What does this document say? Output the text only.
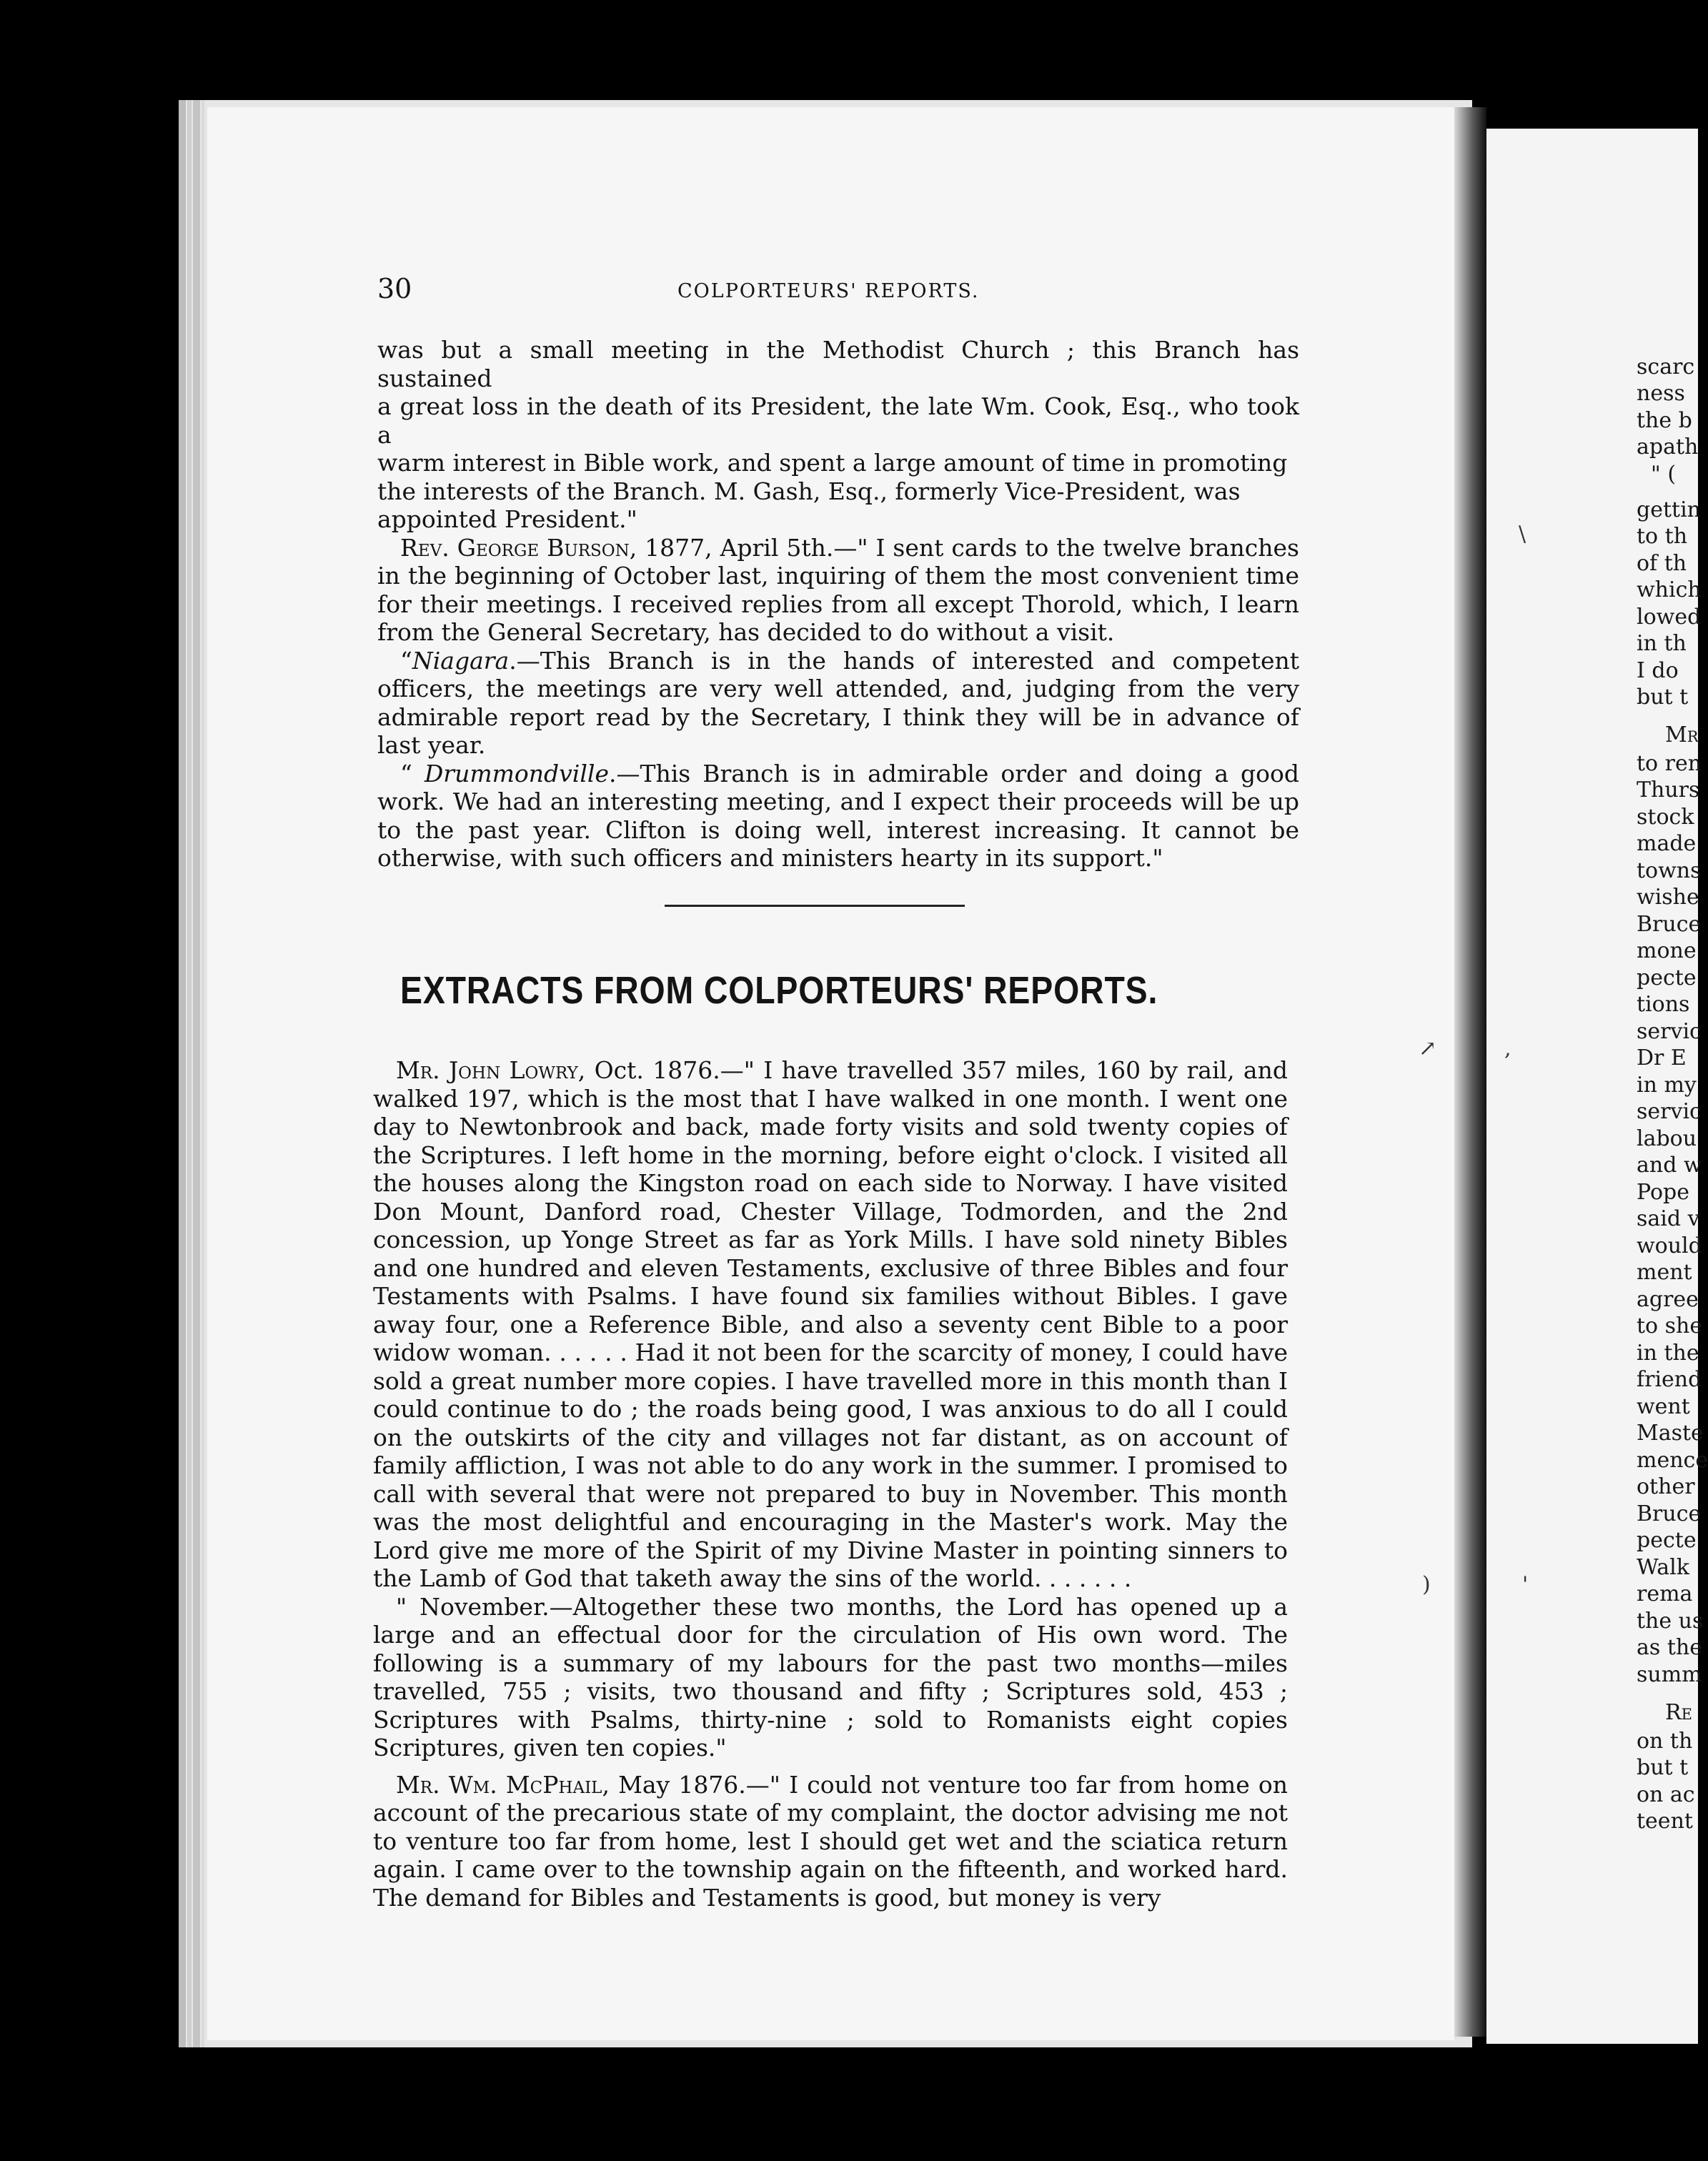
30	COLPORTEURS' REPORTS.

was but a small meeting in the Methodist Church ; this Branch has sustained

a great loss in the death of its President, the late Wm. Cook, Esq., who took a

warm interest in Bible work, and spent a large amount of time in promoting

the interests of the Branch. M. Gash, Esq., formerly Vice-President, was

appointed President."

Rev. George Burson, 1877, April 5th.—" I sent cards to the twelve branches in the beginning of October last, inquiring of them the most convenient time for their meetings. I received replies from all except Thorold, which, I learn from the General Secretary, has decided to do without a visit.

“Niagara.—This Branch is in the hands of interested and competent officers, the meetings are very well attended, and, judging from the very admirable report read by the Secretary, I think they will be in advance of last year.

“ Drummondville.—This Branch is in admirable order and doing a good work. We had an interesting meeting, and I expect their proceeds will be up to the past year. Clifton is doing well, interest increasing. It cannot be otherwise, with such officers and ministers hearty in its support."

EXTRACTS FROM COLPORTEURS' REPORTS.

Mr. John Lowry, Oct. 1876.—" I have travelled 357 miles, 160 by rail, and walked 197, which is the most that I have walked in one month. I went one day to Newtonbrook and back, made forty visits and sold twenty copies of the Scriptures. I left home in the morning, before eight o'clock. I visited all the houses along the Kingston road on each side to Norway. I have visited Don Mount, Danford road, Chester Village, Todmorden, and the 2nd concession, up Yonge Street as far as York Mills. I have sold ninety Bibles and one hundred and eleven Testaments, exclusive of three Bibles and four Testaments with Psalms. I have found six families without Bibles. I gave away four, one a Reference Bible, and also a seventy cent Bible to a poor widow woman. . . . . . Had it not been for the scarcity of money, I could have sold a great number more copies. I have travelled more in this month than I could continue to do ; the roads being good, I was anxious to do all I could on the outskirts of the city and villages not far distant, as on account of family affliction, I was not able to do any work in the summer. I promised to call with several that were not prepared to buy in November. This month was the most delightful and encouraging in the Master's work. May the Lord give me more of the Spirit of my Divine Master in pointing sinners to the Lamb of God that taketh away the sins of the world. . . . . . .

" November.—Altogether these two months, the Lord has opened up a large and an effectual door for the circulation of His own word. The following is a summary of my labours for the past two months—miles travelled, 755 ; visits, two thousand and fifty ; Scriptures sold, 453 ; Scriptures with Psalms, thirty-nine ; sold to Romanists eight copies Scriptures, given ten copies."

Mr. Wm. McPhail, May 1876.—" I could not venture too far from home on account of the precarious state of my complaint, the doctor advising me not to venture too far from home, lest I should get wet and the sciatica return again. I came over to the township again on the fifteenth, and worked hard. The demand for Bibles and Testaments is good, but money is very

scarc
ness
the b
apath
" (
gettin
to th
of th
which
lowed
in th
I do
but t
Mr
to ren
Thurs
stock
made
towns
wishe
Bruce
mone
pecte
tions
servic
Dr E
in my
servic
labou
and w
Pope
said v
would
ment
agree
to she
in the
friend
went
Maste
mence
other
Bruce
pecte
Walk
rema
the us
as the
summ
Re
on th
but t
on ac
teent
\
↗	,
)	'
